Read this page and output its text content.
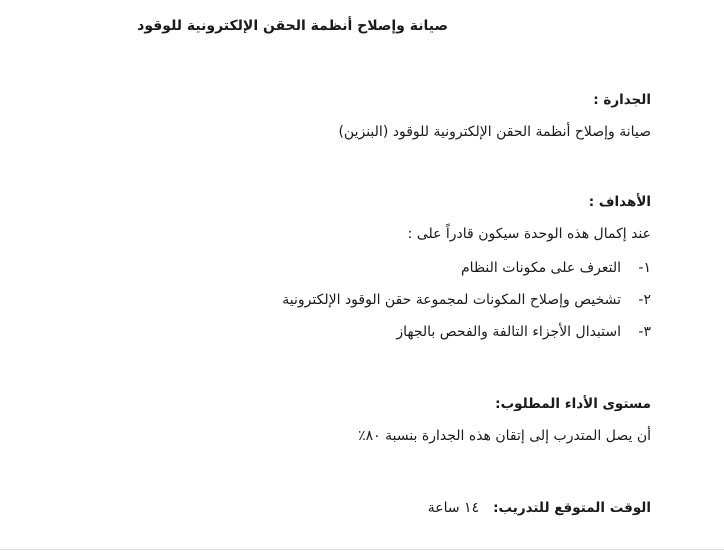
صيانة وإصلاح أنظمة الحقن الإلكترونية للوقود
الجدارة :
صيانة وإصلاح أنظمة الحقن الإلكترونية للوقود (البنزين)
الأهداف :
عند إكمال هذه الوحدة سيكون قادراً على :
١-
التعرف على مكونات النظام
٢-
تشخيص وإصلاح المكونات لمجموعة حقن الوقود الإلكترونية
٣-
استبدال الأجزاء التالفة والفحص بالجهاز
مستوى الأداء المطلوب:
أن يصل المتدرب إلى إتقان هذه الجدارة بنسبة ٨٠٪
الوقت المتوقع للتدريب:١٤ ساعة
